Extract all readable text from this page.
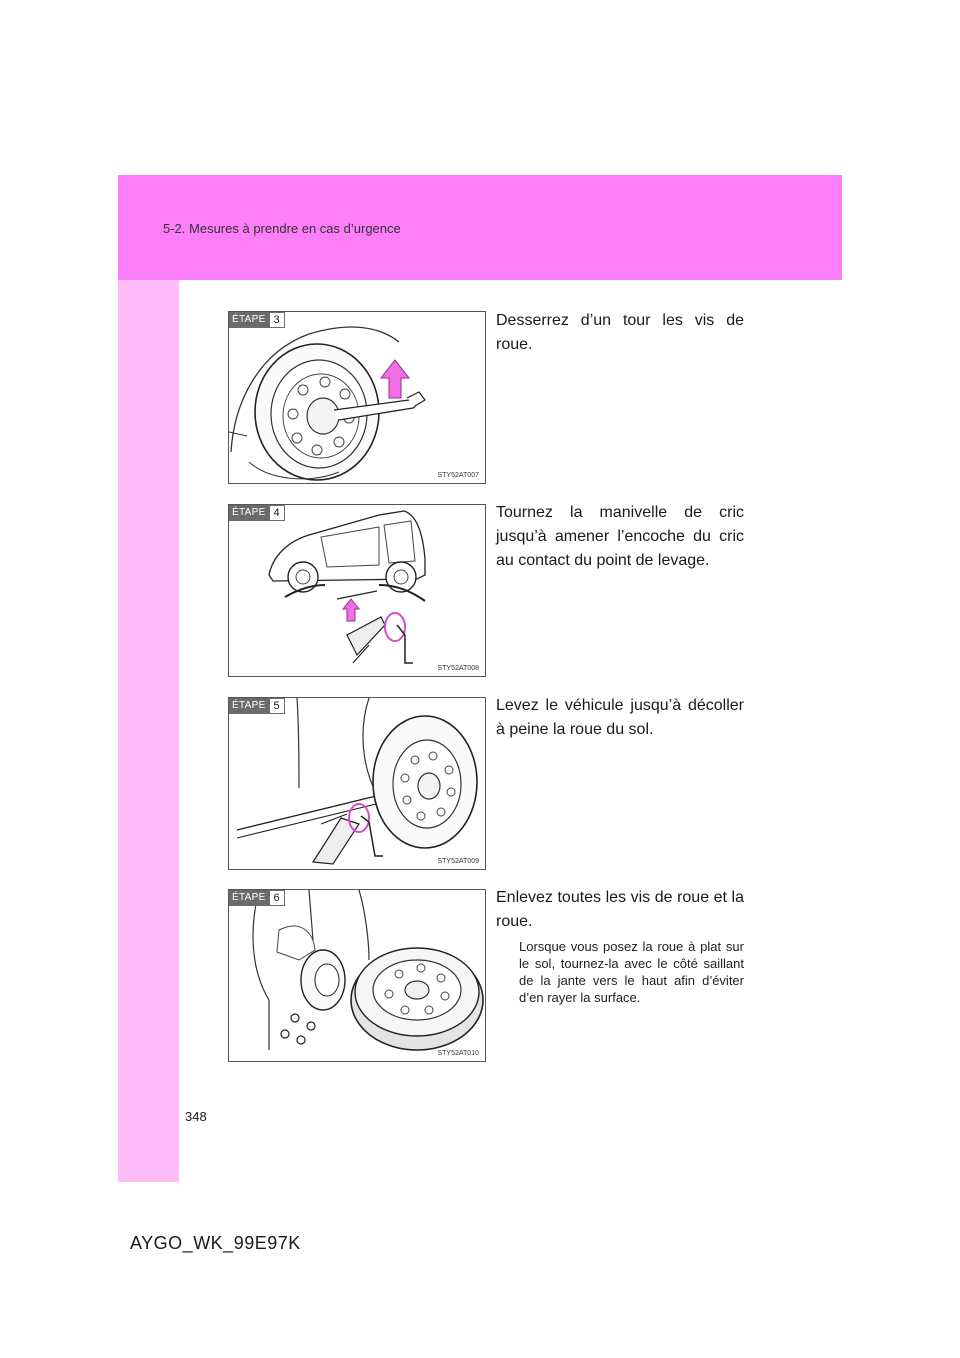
5-2. Mesures à prendre en cas d’urgence
ÉTAPE 3
STY52AT007
Desserrez d’un tour les vis de roue.
ÉTAPE 4
STY52AT008
Tournez la manivelle de cric jusqu’à amener l’encoche du cric au contact du point de levage.
ÉTAPE 5
STY52AT009
Levez le véhicule jusqu’à décoller à peine la roue du sol.
ÉTAPE 6
STY52AT010
Enlevez toutes les vis de roue et la roue.
Lorsque vous posez la roue à plat sur le sol, tournez-la avec le côté saillant de la jante vers le haut afin d’éviter d’en rayer la surface.
348
AYGO_WK_99E97K
